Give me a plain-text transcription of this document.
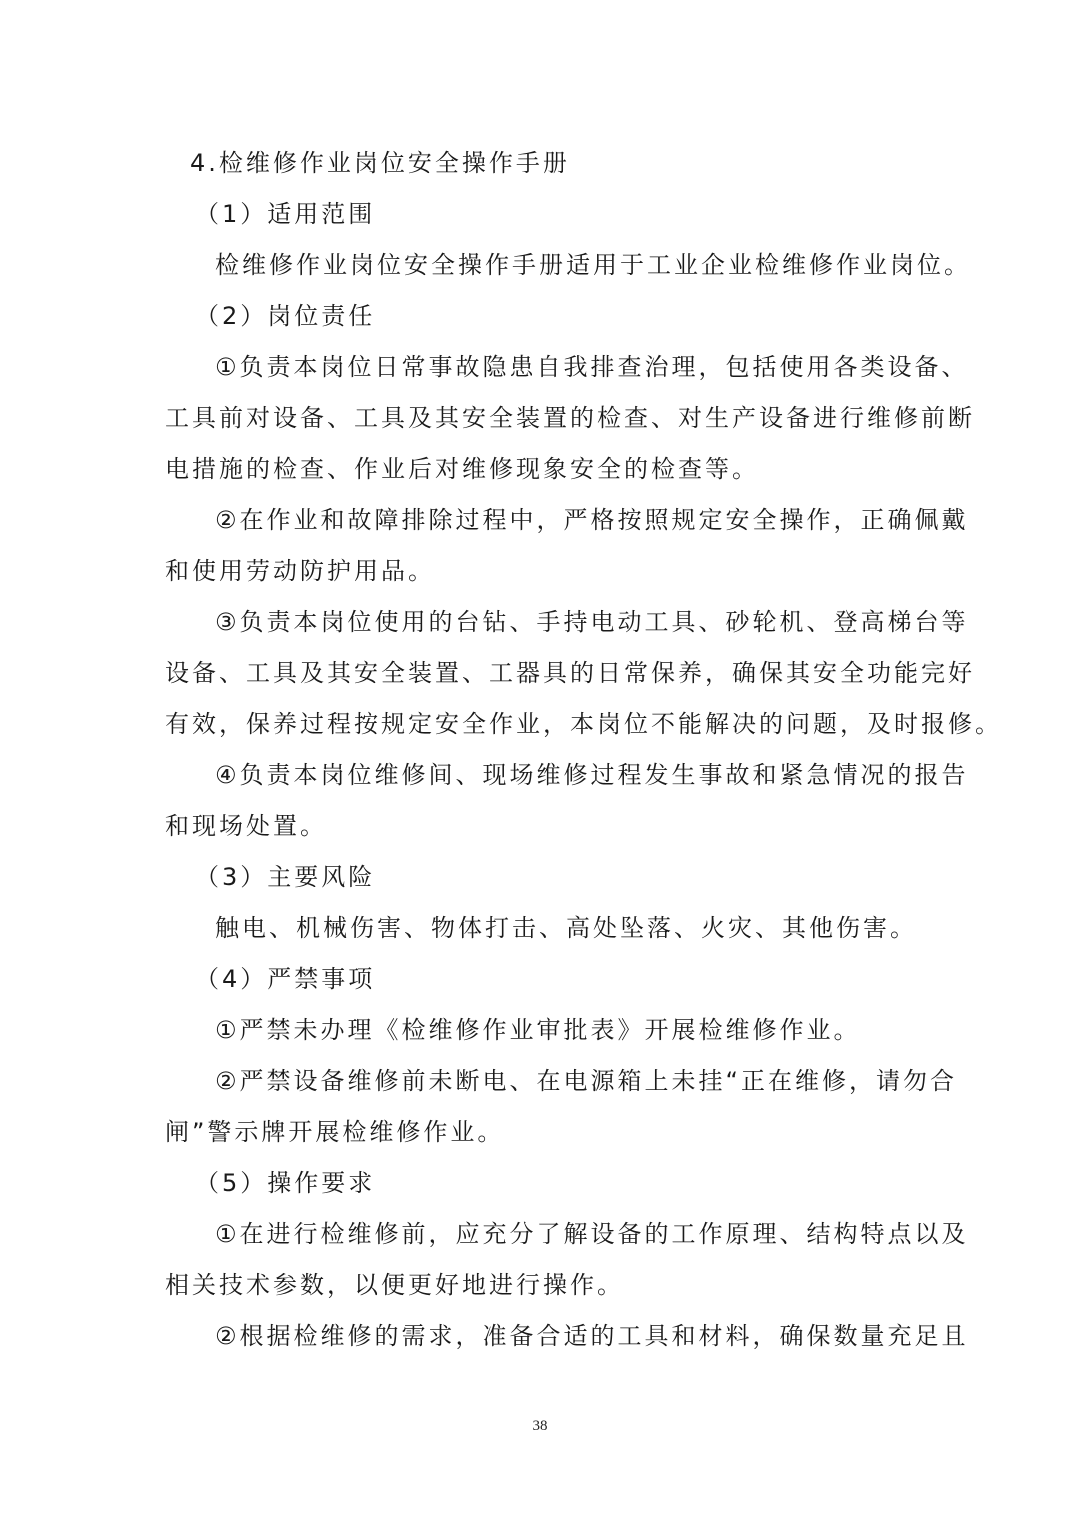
4.检维修作业岗位安全操作手册
（1）适用范围
检维修作业岗位安全操作手册适用于工业企业检维修作业岗位。
（2）岗位责任
①负责本岗位日常事故隐患自我排查治理，包括使用各类设备、
工具前对设备、工具及其安全装置的检查、对生产设备进行维修前断
电措施的检查、作业后对维修现象安全的检查等。
②在作业和故障排除过程中，严格按照规定安全操作，正确佩戴
和使用劳动防护用品。
③负责本岗位使用的台钻、手持电动工具、砂轮机、登高梯台等
设备、工具及其安全装置、工器具的日常保养，确保其安全功能完好
有效，保养过程按规定安全作业，本岗位不能解决的问题，及时报修。
④负责本岗位维修间、现场维修过程发生事故和紧急情况的报告
和现场处置。
（3）主要风险
触电、机械伤害、物体打击、高处坠落、火灾、其他伤害。
（4）严禁事项
①严禁未办理《检维修作业审批表》开展检维修作业。
②严禁设备维修前未断电、在电源箱上未挂“正在维修，请勿合
闸”警示牌开展检维修作业。
（5）操作要求
①在进行检维修前，应充分了解设备的工作原理、结构特点以及
相关技术参数，以便更好地进行操作。
②根据检维修的需求，准备合适的工具和材料，确保数量充足且
38
